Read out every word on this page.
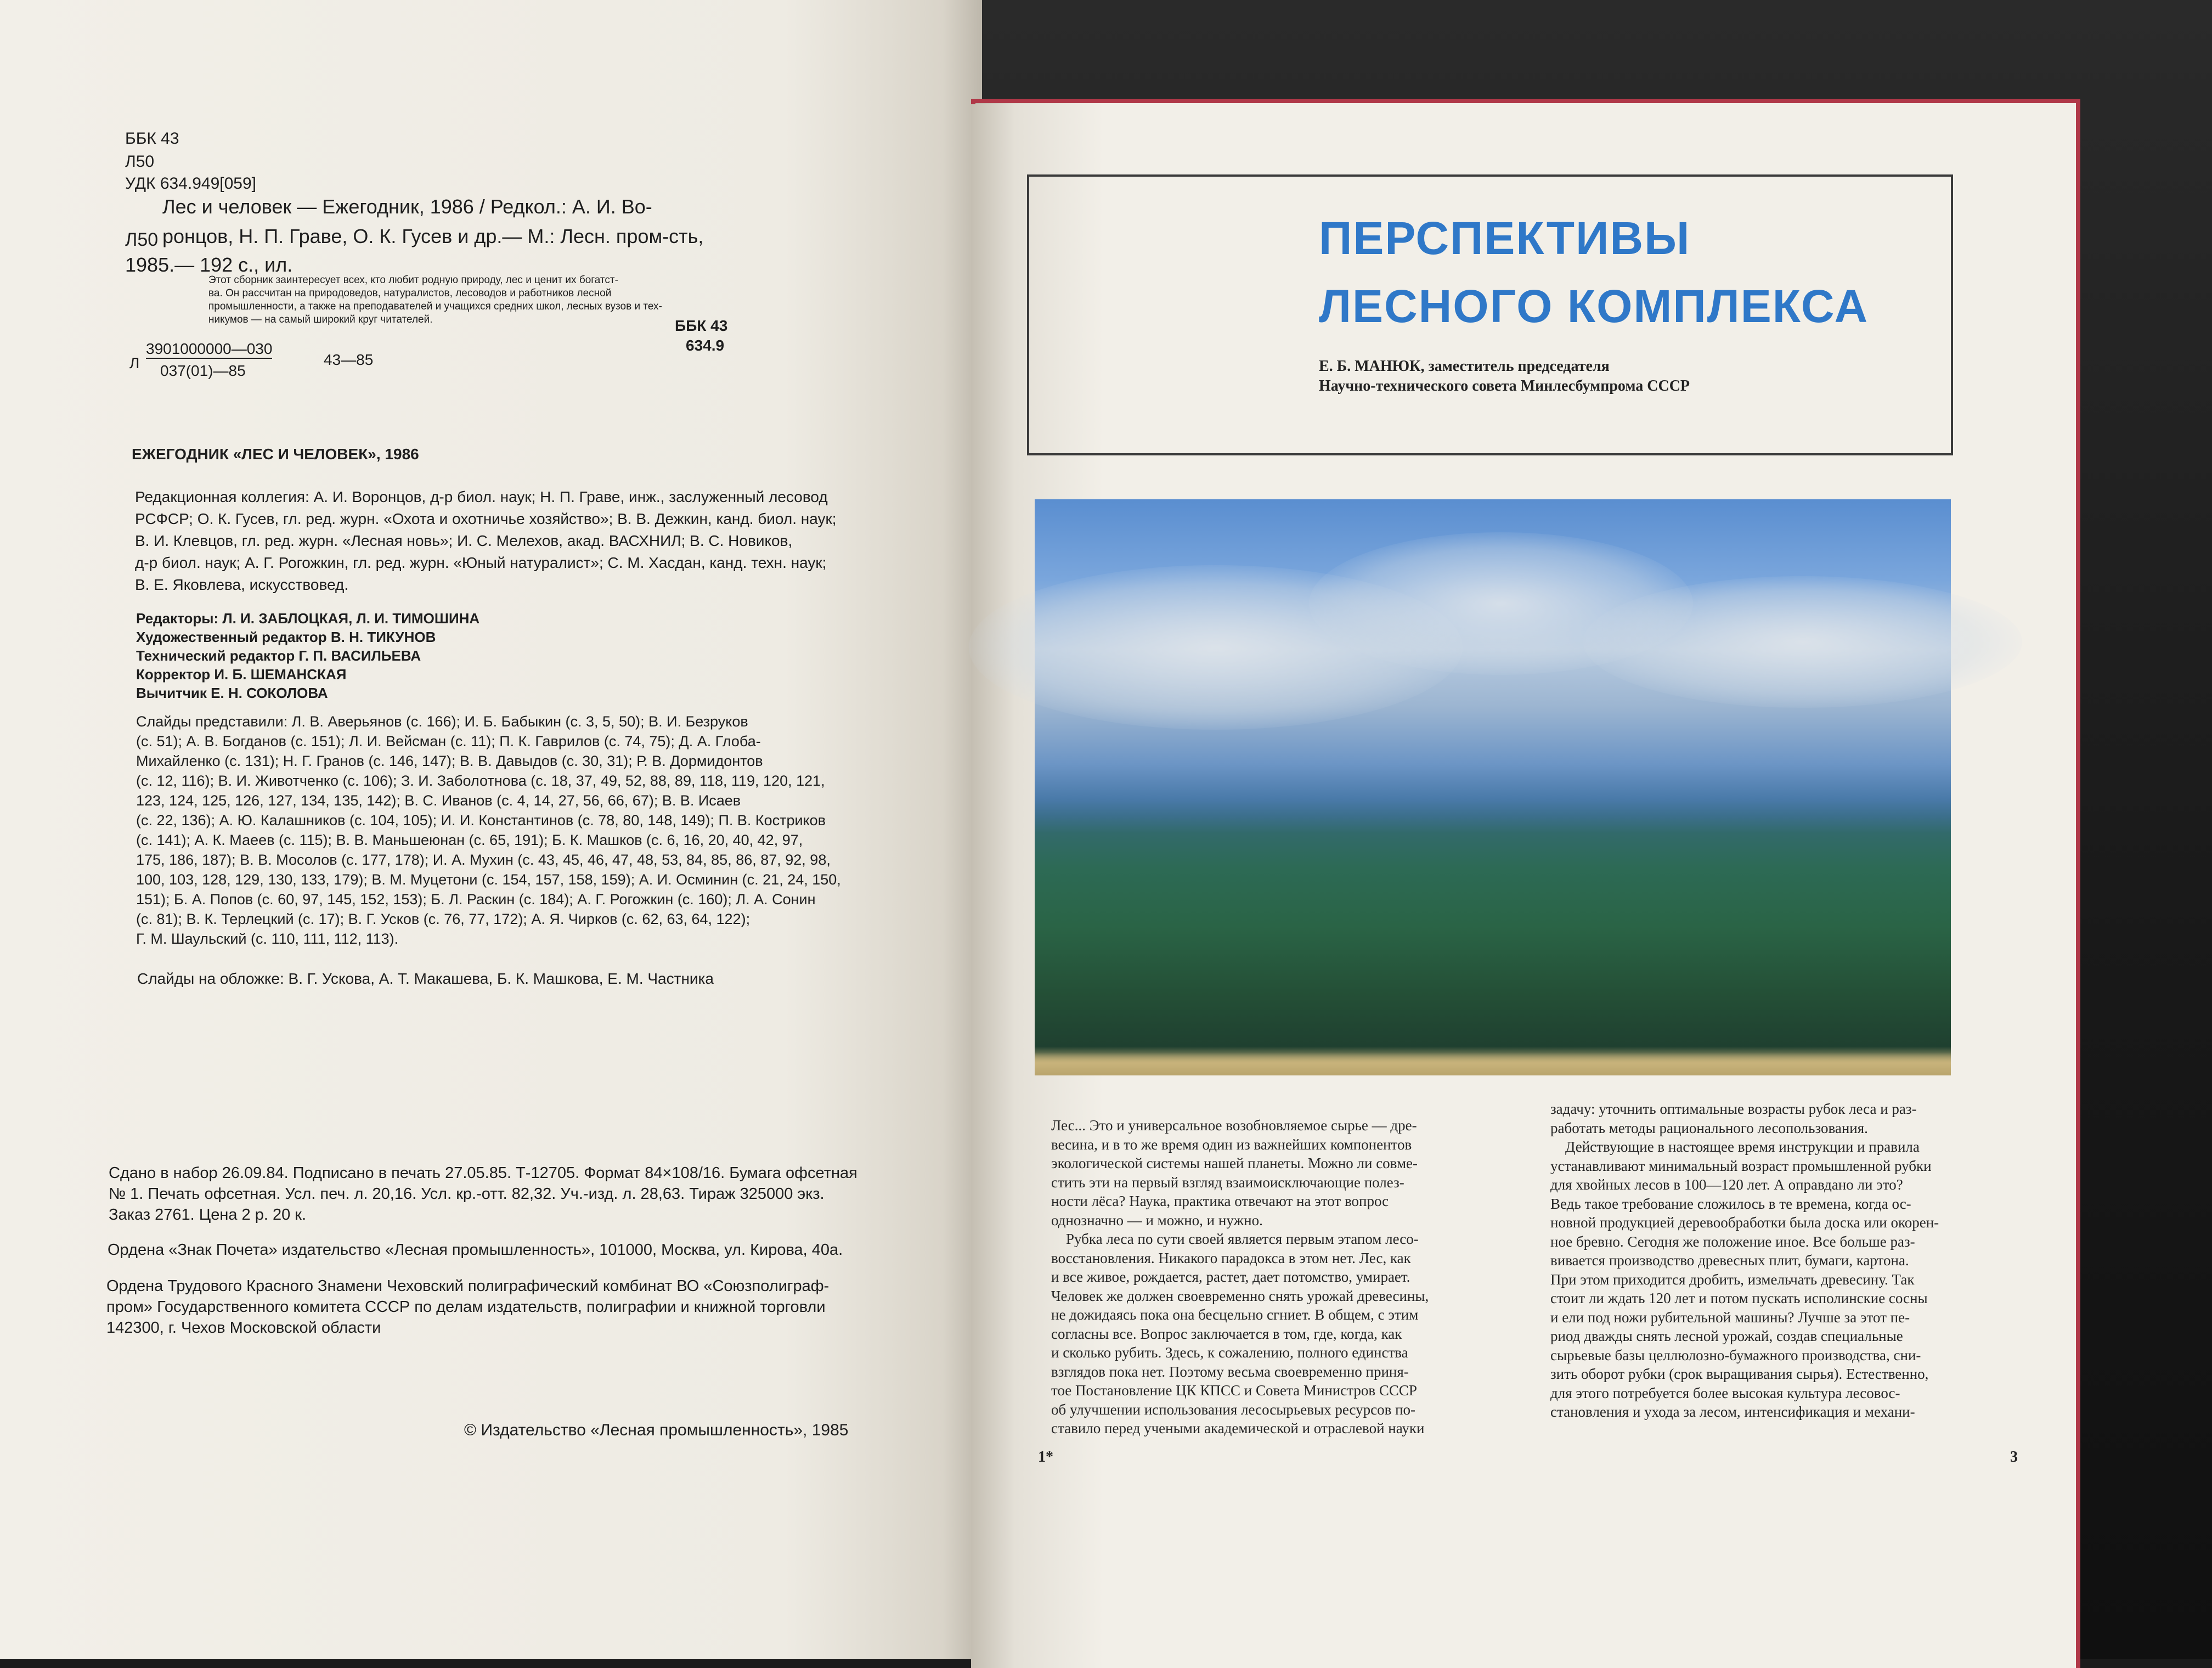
ББК 43
Л50
УДК 634.949[059]
Лес и человек — Ежегодник, 1986 / Редкол.: А. И. Во-
Л50 ронцов, Н. П. Граве, О. К. Гусев и др.— М.: Лесн. пром-сть,
1985.— 192 с., ил.
Этот сборник заинтересует всех, кто любит родную природу, лес и ценит их богатст-
ва. Он рассчитан на природоведов, натуралистов, лесоводов и работников лесной
промышленности, а также на преподавателей и учащихся средних школ, лесных вузов и тех-
никумов — на самый широкий круг читателей.	ББК 43
634.9
Л
3901000000—030
037(01)—85
43—85
ЕЖЕГОДНИК «ЛЕС И ЧЕЛОВЕК», 1986
Редакционная коллегия: А. И. Воронцов, д-р биол. наук; Н. П. Граве, инж., заслуженный лесовод
РСФСР; О. К. Гусев, гл. ред. журн. «Охота и охотничье хозяйство»; В. В. Дежкин, канд. биол. наук;
В. И. Клевцов, гл. ред. журн. «Лесная новь»; И. С. Мелехов, акад. ВАСХНИЛ; В. С. Новиков,
д-р биол. наук; А. Г. Рогожкин, гл. ред. журн. «Юный натуралист»; С. М. Хасдан, канд. техн. наук;
В. Е. Яковлева, искусствовед.
Редакторы: Л. И. ЗАБЛОЦКАЯ, Л. И. ТИМОШИНА
Художественный редактор В. Н. ТИКУНОВ
Технический редактор Г. П. ВАСИЛЬЕВА
Корректор И. Б. ШЕМАНСКАЯ
Вычитчик Е. Н. СОКОЛОВА
Слайды представили: Л. В. Аверьянов (с. 166); И. Б. Бабыкин (с. 3, 5, 50); В. И. Безруков
(с. 51); А. В. Богданов (с. 151); Л. И. Вейсман (с. 11); П. К. Гаврилов (с. 74, 75); Д. А. Глоба-
Михайленко (с. 131); Н. Г. Гранов (с. 146, 147); В. В. Давыдов (с. 30, 31); Р. В. Дормидонтов
(с. 12, 116); В. И. Животченко (с. 106); З. И. Заболотнова (с. 18, 37, 49, 52, 88, 89, 118, 119, 120, 121,
123, 124, 125, 126, 127, 134, 135, 142); В. С. Иванов (с. 4, 14, 27, 56, 66, 67); В. В. Исаев
(с. 22, 136); А. Ю. Калашников (с. 104, 105); И. И. Константинов (с. 78, 80, 148, 149); П. В. Костриков
(с. 141); А. К. Маеев (с. 115); В. В. Маньшеюнан (с. 65, 191); Б. К. Машков (с. 6, 16, 20, 40, 42, 97,
175, 186, 187); В. В. Мосолов (с. 177, 178); И. А. Мухин (с. 43, 45, 46, 47, 48, 53, 84, 85, 86, 87, 92, 98,
100, 103, 128, 129, 130, 133, 179); В. М. Муцетони (с. 154, 157, 158, 159); А. И. Осминин (с. 21, 24, 150,
151); Б. А. Попов (с. 60, 97, 145, 152, 153); Б. Л. Раскин (с. 184); А. Г. Рогожкин (с. 160); Л. А. Сонин
(с. 81); В. К. Терлецкий (с. 17); В. Г. Усков (с. 76, 77, 172); А. Я. Чирков (с. 62, 63, 64, 122);
Г. М. Шаульский (с. 110, 111, 112, 113).
Слайды на обложке: В. Г. Ускова, А. Т. Макашева, Б. К. Машкова, Е. М. Частника
Сдано в набор 26.09.84. Подписано в печать 27.05.85. Т-12705. Формат 84×108/16. Бумага офсетная
№ 1. Печать офсетная. Усл. печ. л. 20,16. Усл. кр.-отт. 82,32. Уч.-изд. л. 28,63. Тираж 325000 экз.
Заказ 2761. Цена 2 р. 20 к.
Ордена «Знак Почета» издательство «Лесная промышленность», 101000, Москва, ул. Кирова, 40а.
Ордена Трудового Красного Знамени Чеховский полиграфический комбинат ВО «Союзполиграф-
пром» Государственного комитета СССР по делам издательств, полиграфии и книжной торговли
142300, г. Чехов Московской области
© Издательство «Лесная промышленность», 1985
ПЕРСПЕКТИВЫ
ЛЕСНОГО КОМПЛЕКСА
Е. Б. МАНЮК, заместитель председателя
Научно-технического совета Минлесбумпрома СССР
Лес... Это и универсальное возобновляемое сырье — дре-
весина, и в то же время один из важнейших компонентов
экологической системы нашей планеты. Можно ли совме-
стить эти на первый взгляд взаимоисключающие полез-
ности лёса? Наука, практика отвечают на этот вопрос
однозначно — и можно, и нужно.
Рубка леса по сути своей является первым этапом лесо-
восстановления. Никакого парадокса в этом нет. Лес, как
и все живое, рождается, растет, дает потомство, умирает.
Человек же должен своевременно снять урожай древесины,
не дожидаясь пока она бесцельно сгниет. В общем, с этим
согласны все. Вопрос заключается в том, где, когда, как
и сколько рубить. Здесь, к сожалению, полного единства
взглядов пока нет. Поэтому весьма своевременно приня-
тое Постановление ЦК КПСС и Совета Министров СССР
об улучшении использования лесосырьевых ресурсов по-
ставило перед учеными академической и отраслевой науки
задачу: уточнить оптимальные возрасты рубок леса и раз-
работать методы рационального лесопользования.
Действующие в настоящее время инструкции и правила
устанавливают минимальный возраст промышленной рубки
для хвойных лесов в 100—120 лет. А оправдано ли это?
Ведь такое требование сложилось в те времена, когда ос-
новной продукцией деревообработки была доска или окорен-
ное бревно. Сегодня же положение иное. Все больше раз-
вивается производство древесных плит, бумаги, картона.
При этом приходится дробить, измельчать древесину. Так
стоит ли ждать 120 лет и потом пускать исполинские сосны
и ели под ножи рубительной машины? Лучше за этот пе-
риод дважды снять лесной урожай, создав специальные
сырьевые базы целлюлозно-бумажного производства, сни-
зить оборот рубки (срок выращивания сырья). Естественно,
для этого потребуется более высокая культура лесовос-
становления и ухода за лесом, интенсификация и механи-
1*	3
